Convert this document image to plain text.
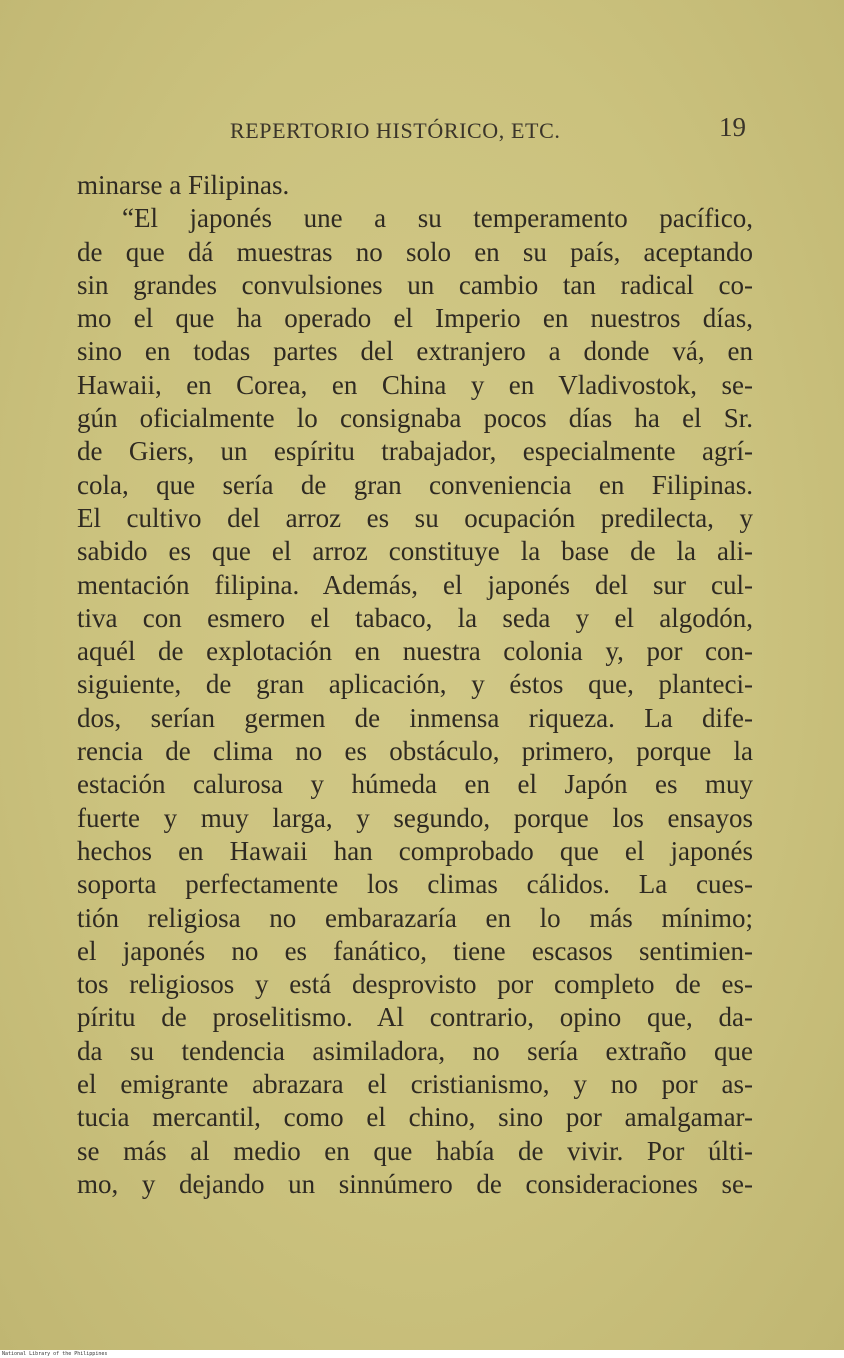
REPERTORIO HISTÓRICO, ETC.	19
minarse a Filipinas.
“El japonés une a su temperamento pacífico,
de que dá muestras no solo en su país, aceptando
sin grandes convulsiones un cambio tan radical co-
mo el que ha operado el Imperio en nuestros días,
sino en todas partes del extranjero a donde vá, en
Hawaii, en Corea, en China y en Vladivostok, se-
gún oficialmente lo consignaba pocos días ha el Sr.
de Giers, un espíritu trabajador, especialmente agrí-
cola, que sería de gran conveniencia en Filipinas.
El cultivo del arroz es su ocupación predilecta, y
sabido es que el arroz constituye la base de la ali-
mentación filipina. Además, el japonés del sur cul-
tiva con esmero el tabaco, la seda y el algodón,
aquél de explotación en nuestra colonia y, por con-
siguiente, de gran aplicación, y éstos que, planteci-
dos, serían germen de inmensa riqueza. La dife-
rencia de clima no es obstáculo, primero, porque la
estación calurosa y húmeda en el Japón es muy
fuerte y muy larga, y segundo, porque los ensayos
hechos en Hawaii han comprobado que el japonés
soporta perfectamente los climas cálidos. La cues-
tión religiosa no embarazaría en lo más mínimo;
el japonés no es fanático, tiene escasos sentimien-
tos religiosos y está desprovisto por completo de es-
píritu de proselitismo. Al contrario, opino que, da-
da su tendencia asimiladora, no sería extraño que
el emigrante abrazara el cristianismo, y no por as-
tucia mercantil, como el chino, sino por amalgamar-
se más al medio en que había de vivir. Por últi-
mo, y dejando un sinnúmero de consideraciones se-
National Library of the Philippines
